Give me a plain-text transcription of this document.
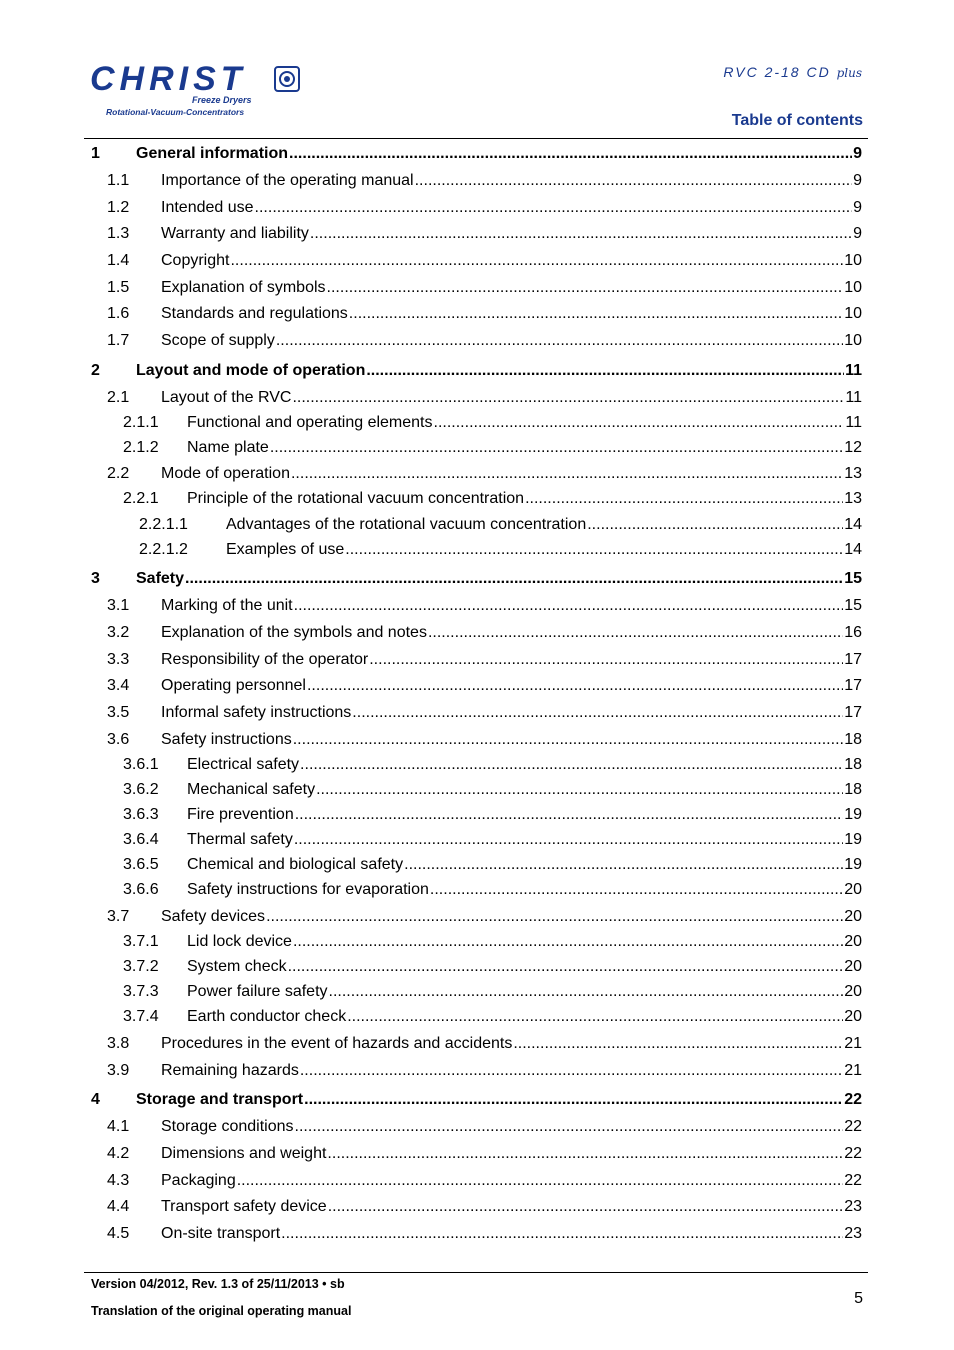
CHRIST
Freeze Dryers
Rotational-Vacuum-Concentrators
RVC 2-18 CD plus
Table of contents
1 General information .....	9
1.1 Importance of the operating manual .....	9
1.2 Intended use .....	9
1.3 Warranty and liability .....	9
1.4 Copyright .....	10
1.5 Explanation of symbols .....	10
1.6 Standards and regulations .....	10
1.7 Scope of supply .....	10
2 Layout and mode of operation .....	11
2.1 Layout of the RVC .....	11
2.1.1 Functional and operating elements .....	11
2.1.2 Name plate .....	12
2.2 Mode of operation .....	13
2.2.1 Principle of the rotational vacuum concentration .....	13
2.2.1.1 Advantages of the rotational vacuum concentration .....	14
2.2.1.2 Examples of use .....	14
3 Safety .....	15
3.1 Marking of the unit .....	15
3.2 Explanation of the symbols and notes .....	16
3.3 Responsibility of the operator .....	17
3.4 Operating personnel .....	17
3.5 Informal safety instructions .....	17
3.6 Safety instructions .....	18
3.6.1 Electrical safety .....	18
3.6.2 Mechanical safety .....	18
3.6.3 Fire prevention .....	19
3.6.4 Thermal safety .....	19
3.6.5 Chemical and biological safety .....	19
3.6.6 Safety instructions for evaporation .....	20
3.7 Safety devices .....	20
3.7.1 Lid lock device .....	20
3.7.2 System check .....	20
3.7.3 Power failure safety .....	20
3.7.4 Earth conductor check .....	20
3.8 Procedures in the event of hazards and accidents .....	21
3.9 Remaining hazards .....	21
4 Storage and transport .....	22
4.1 Storage conditions .....	22
4.2 Dimensions and weight .....	22
4.3 Packaging .....	22
4.4 Transport safety device .....	23
4.5 On-site transport .....	23
Version 04/2012, Rev. 1.3 of 25/11/2013 • sb
Translation of the original operating manual
5
